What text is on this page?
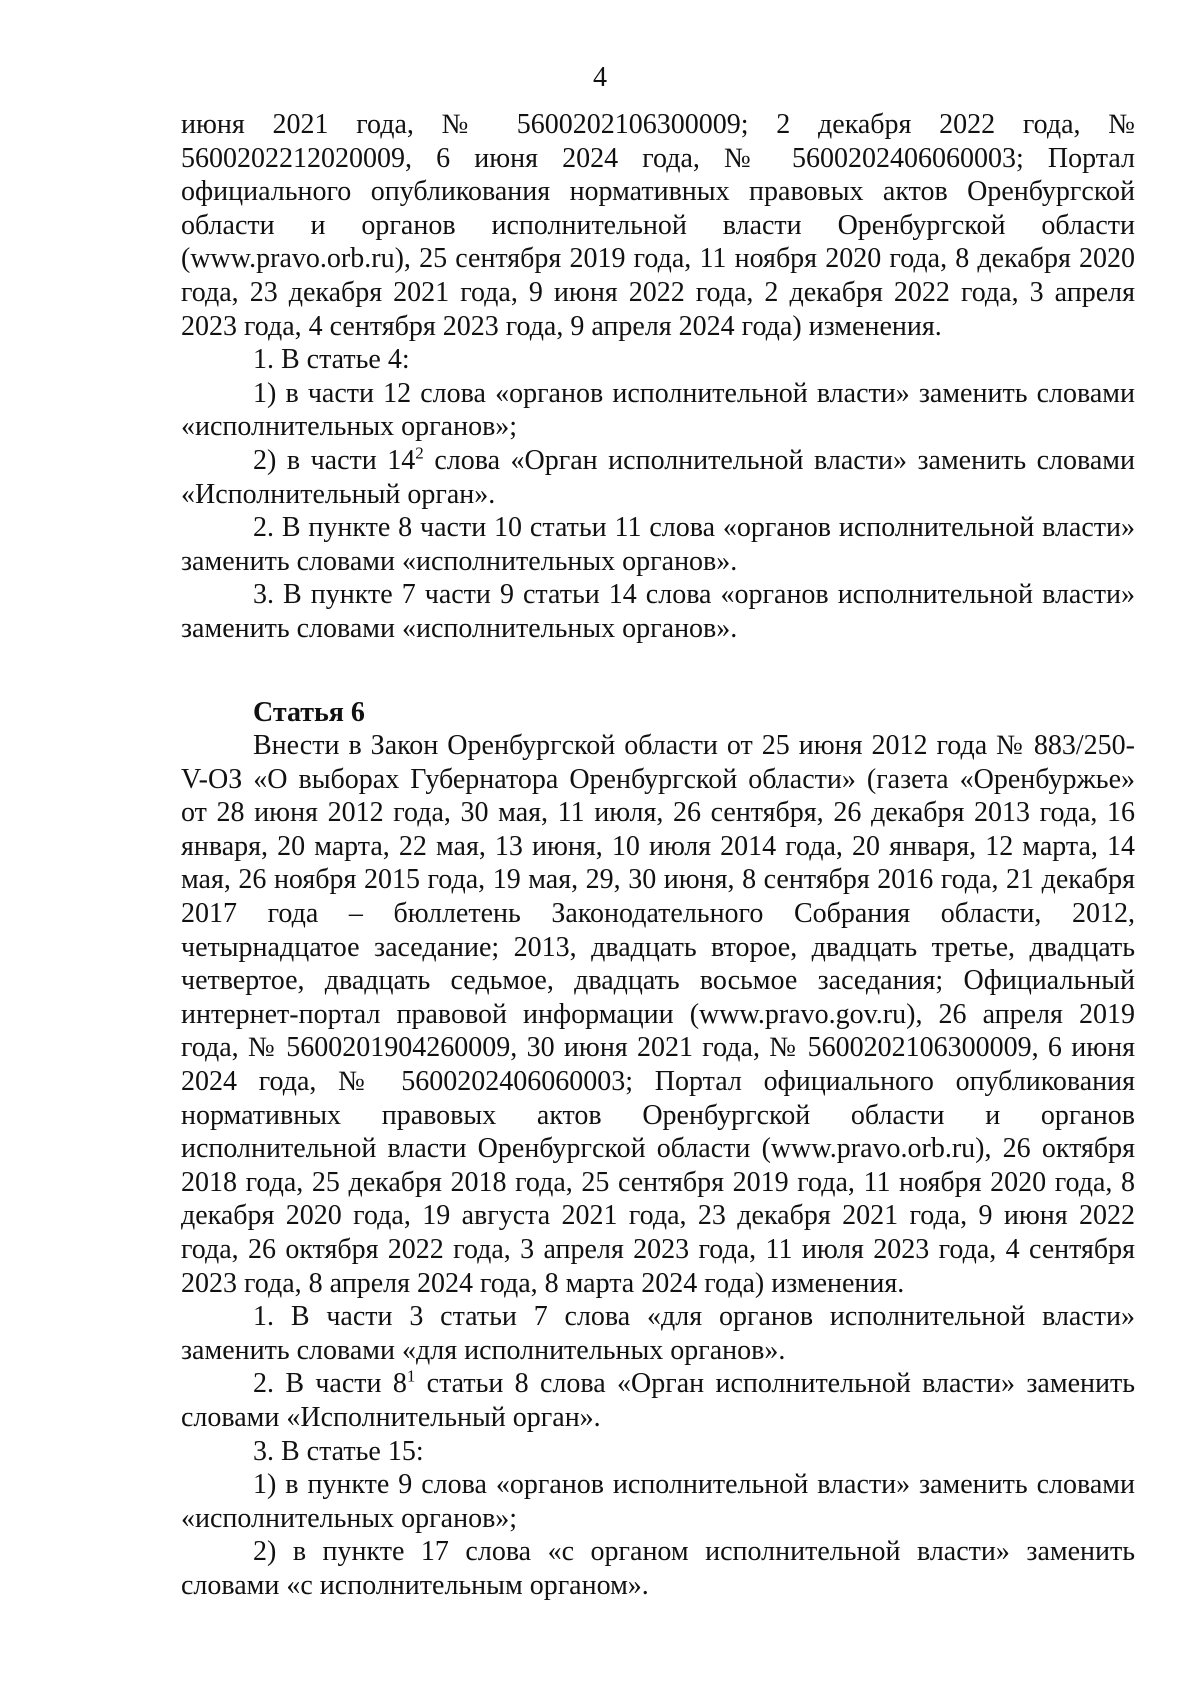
4

июня 2021 года, № 5600202106300009; 2 декабря 2022 года, № 5600202212020009, 6 июня 2024 года, № 5600202406060003; Портал официального опубликования нормативных правовых актов Оренбургской области и органов исполнительной власти Оренбургской области (www.pravo.orb.ru), 25 сентября 2019 года, 11 ноября 2020 года, 8 декабря 2020 года, 23 декабря 2021 года, 9 июня 2022 года, 2 декабря 2022 года, 3 апреля 2023 года, 4 сентября 2023 года, 9 апреля 2024 года) изменения.

1. В статье 4:

1) в части 12 слова «органов исполнительной власти» заменить словами «исполнительных органов»;

2) в части $14^2$ слова «Орган исполнительной власти» заменить словами «Исполнительный орган».

2. В пункте 8 части 10 статьи 11 слова «органов исполнительной власти» заменить словами «исполнительных органов».

3. В пункте 7 части 9 статьи 14 слова «органов исполнительной власти» заменить словами «исполнительных органов».

Статья 6

Внести в Закон Оренбургской области от 25 июня 2012 года № 883/250-V-ОЗ «О выборах Губернатора Оренбургской области» (газета «Оренбуржье» от 28 июня 2012 года, 30 мая, 11 июля, 26 сентября, 26 декабря 2013 года, 16 января, 20 марта, 22 мая, 13 июня, 10 июля 2014 года, 20 января, 12 марта, 14 мая, 26 ноября 2015 года, 19 мая, 29, 30 июня, 8 сентября 2016 года, 21 декабря 2017 года – бюллетень Законодательного Собрания области, 2012, четырнадцатое заседание; 2013, двадцать второе, двадцать третье, двадцать четвертое, двадцать седьмое, двадцать восьмое заседания; Официальный интернет-портал правовой информации (www.pravo.gov.ru), 26 апреля 2019 года, № 5600201904260009, 30 июня 2021 года, № 5600202106300009, 6 июня 2024 года, № 5600202406060003; Портал официального опубликования нормативных правовых актов Оренбургской области и органов исполнительной власти Оренбургской области (www.pravo.orb.ru), 26 октября 2018 года, 25 декабря 2018 года, 25 сентября 2019 года, 11 ноября 2020 года, 8 декабря 2020 года, 19 августа 2021 года, 23 декабря 2021 года, 9 июня 2022 года, 26 октября 2022 года, 3 апреля 2023 года, 11 июля 2023 года, 4 сентября 2023 года, 8 апреля 2024 года, 8 марта 2024 года) изменения.

1. В части 3 статьи 7 слова «для органов исполнительной власти» заменить словами «для исполнительных органов».

2. В части $8^1$ статьи 8 слова «Орган исполнительной власти» заменить словами «Исполнительный орган».

3. В статье 15:

1) в пункте 9 слова «органов исполнительной власти» заменить словами «исполнительных органов»;

2) в пункте 17 слова «с органом исполнительной власти» заменить словами «с исполнительным органом».
